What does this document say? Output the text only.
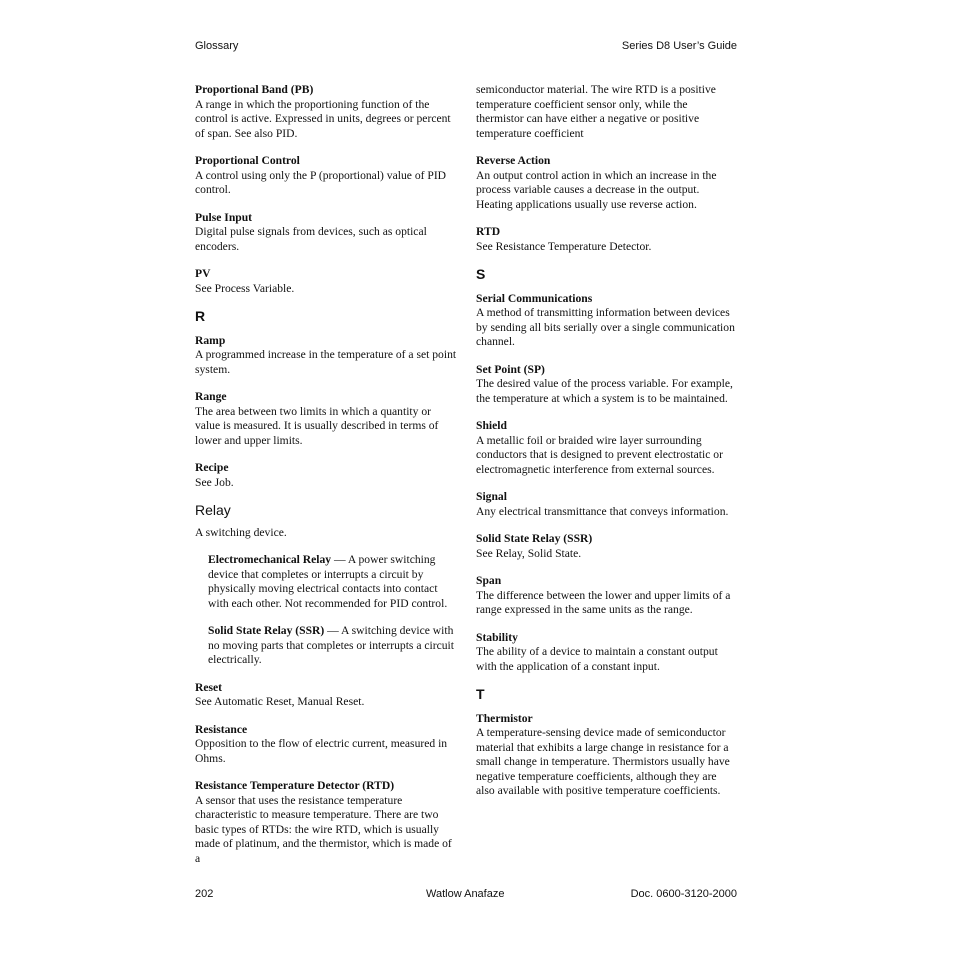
Glossary	Series D8 User’s Guide

Proportional Band (PB)

A range in which the proportioning function of the control is active. Expressed in units, degrees or percent of span. See also PID.

Proportional Control

A control using only the P (proportional) value of PID control.

Pulse Input

Digital pulse signals from devices, such as optical encoders.

PV

See Process Variable.

R

Ramp

A programmed increase in the temperature of a set point system.

Range

The area between two limits in which a quantity or value is measured. It is usually described in terms of lower and upper limits.

Recipe

See Job.

Relay

A switching device.

Electromechanical Relay — A power switching device that completes or interrupts a circuit by physically moving electrical contacts into contact with each other. Not recommended for PID control.
Solid State Relay (SSR) — A switching device with no moving parts that completes or interrupts a circuit electrically.

Reset

See Automatic Reset, Manual Reset.

Resistance

Opposition to the flow of electric current, measured in Ohms.

Resistance Temperature Detector (RTD)

A sensor that uses the resistance temperature characteristic to measure temperature. There are two basic types of RTDs: the wire RTD, which is usually made of platinum, and the thermistor, which is made of a

semiconductor material. The wire RTD is a positive temperature coefficient sensor only, while the thermistor can have either a negative or positive temperature coefficient

Reverse Action

An output control action in which an increase in the process variable causes a decrease in the output. Heating applications usually use reverse action.

RTD

See Resistance Temperature Detector.

S

Serial Communications

A method of transmitting information between devices by sending all bits serially over a single communication channel.

Set Point (SP)

The desired value of the process variable. For example, the temperature at which a system is to be maintained.

Shield

A metallic foil or braided wire layer surrounding conductors that is designed to prevent electrostatic or electromagnetic interference from external sources.

Signal

Any electrical transmittance that conveys information.

Solid State Relay (SSR)

See Relay, Solid State.

Span

The difference between the lower and upper limits of a range expressed in the same units as the range.

Stability

The ability of a device to maintain a constant output with the application of a constant input.

T

Thermistor

A temperature-sensing device made of semiconductor material that exhibits a large change in resistance for a small change in temperature. Thermistors usually have negative temperature coefficients, although they are also available with positive temperature coefficients.

202	Watlow Anafaze	Doc. 0600-3120-2000
